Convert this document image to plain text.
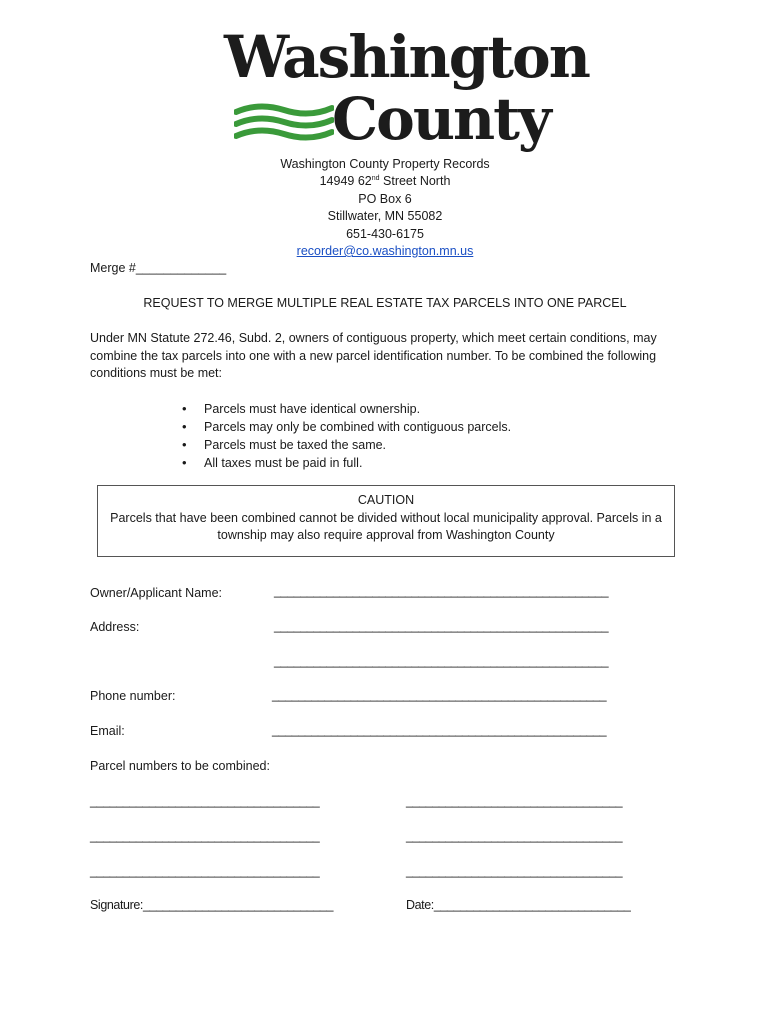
Washington
County
Washington County Property Records
14949 62nd Street North
PO Box 6
Stillwater, MN 55082
651-430-6175
recorder@co.washington.mn.us
Merge #_____________
REQUEST TO MERGE MULTIPLE REAL ESTATE TAX PARCELS INTO ONE PARCEL
Under MN Statute 272.46, Subd. 2, owners of contiguous property, which meet certain conditions, may combine the tax parcels into one with a new parcel identification number. To be combined the following conditions must be met:
• Parcels must have identical ownership.
• Parcels may only be combined with contiguous parcels.
• Parcels must be taxed the same.
• All taxes must be paid in full.
CAUTION
Parcels that have been combined cannot be divided without local municipality approval. Parcels in a township may also require approval from Washington County
Owner/Applicant Name:	___________________________________________________
Address:	___________________________________________________
___________________________________________________
Phone number:	___________________________________________________
Email:	___________________________________________________
Parcel numbers to be combined:
___________________________________	_________________________________
___________________________________	_________________________________
___________________________________	_________________________________
Signature:_____________________________	Date:______________________________
